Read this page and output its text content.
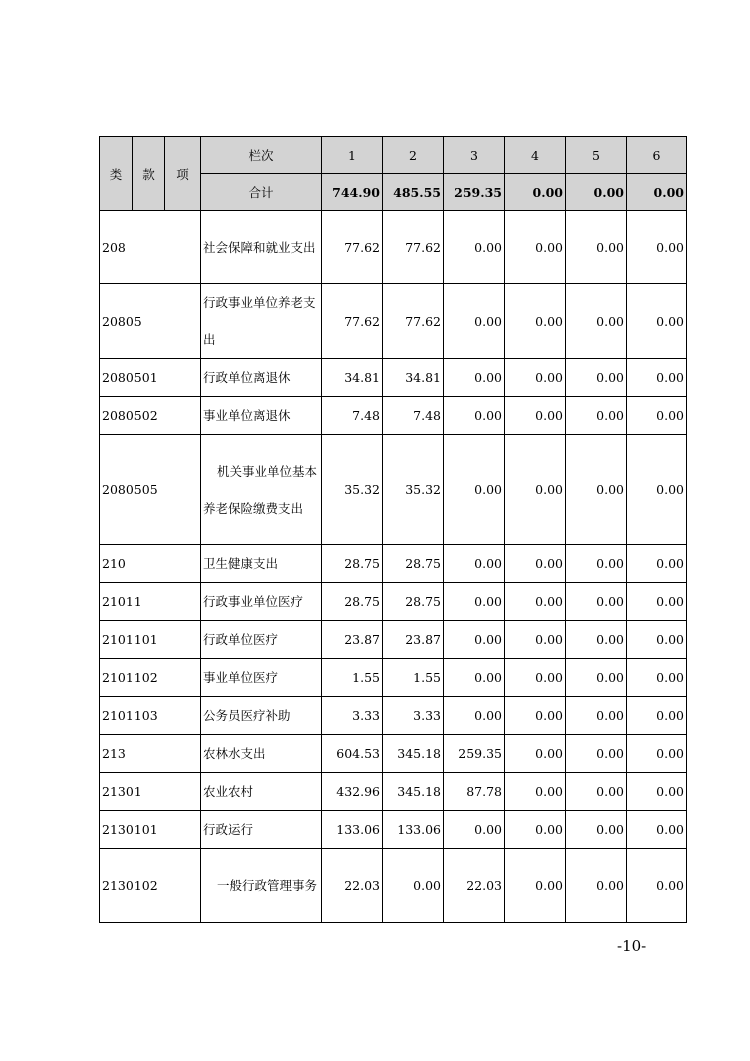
类	款	项	栏次	1	2	3	4	5	6
			合计	744.90	485.55	259.35	0.00	0.00	0.00
208			社会保障和就业支出	77.62	77.62	0.00	0.00	0.00	0.00
20805			行政事业单位养老支出	77.62	77.62	0.00	0.00	0.00	0.00
2080501			行政单位离退休	34.81	34.81	0.00	0.00	0.00	0.00
2080502			事业单位离退休	7.48	7.48	0.00	0.00	0.00	0.00
2080505			机关事业单位基本养老保险缴费支出	35.32	35.32	0.00	0.00	0.00	0.00
210			卫生健康支出	28.75	28.75	0.00	0.00	0.00	0.00
21011			行政事业单位医疗	28.75	28.75	0.00	0.00	0.00	0.00
2101101			行政单位医疗	23.87	23.87	0.00	0.00	0.00	0.00
2101102			事业单位医疗	1.55	1.55	0.00	0.00	0.00	0.00
2101103			公务员医疗补助	3.33	3.33	0.00	0.00	0.00	0.00
213			农林水支出	604.53	345.18	259.35	0.00	0.00	0.00
21301			农业农村	432.96	345.18	87.78	0.00	0.00	0.00
2130101			行政运行	133.06	133.06	0.00	0.00	0.00	0.00
2130102			一般行政管理事务	22.03	0.00	22.03	0.00	0.00	0.00
-10-
